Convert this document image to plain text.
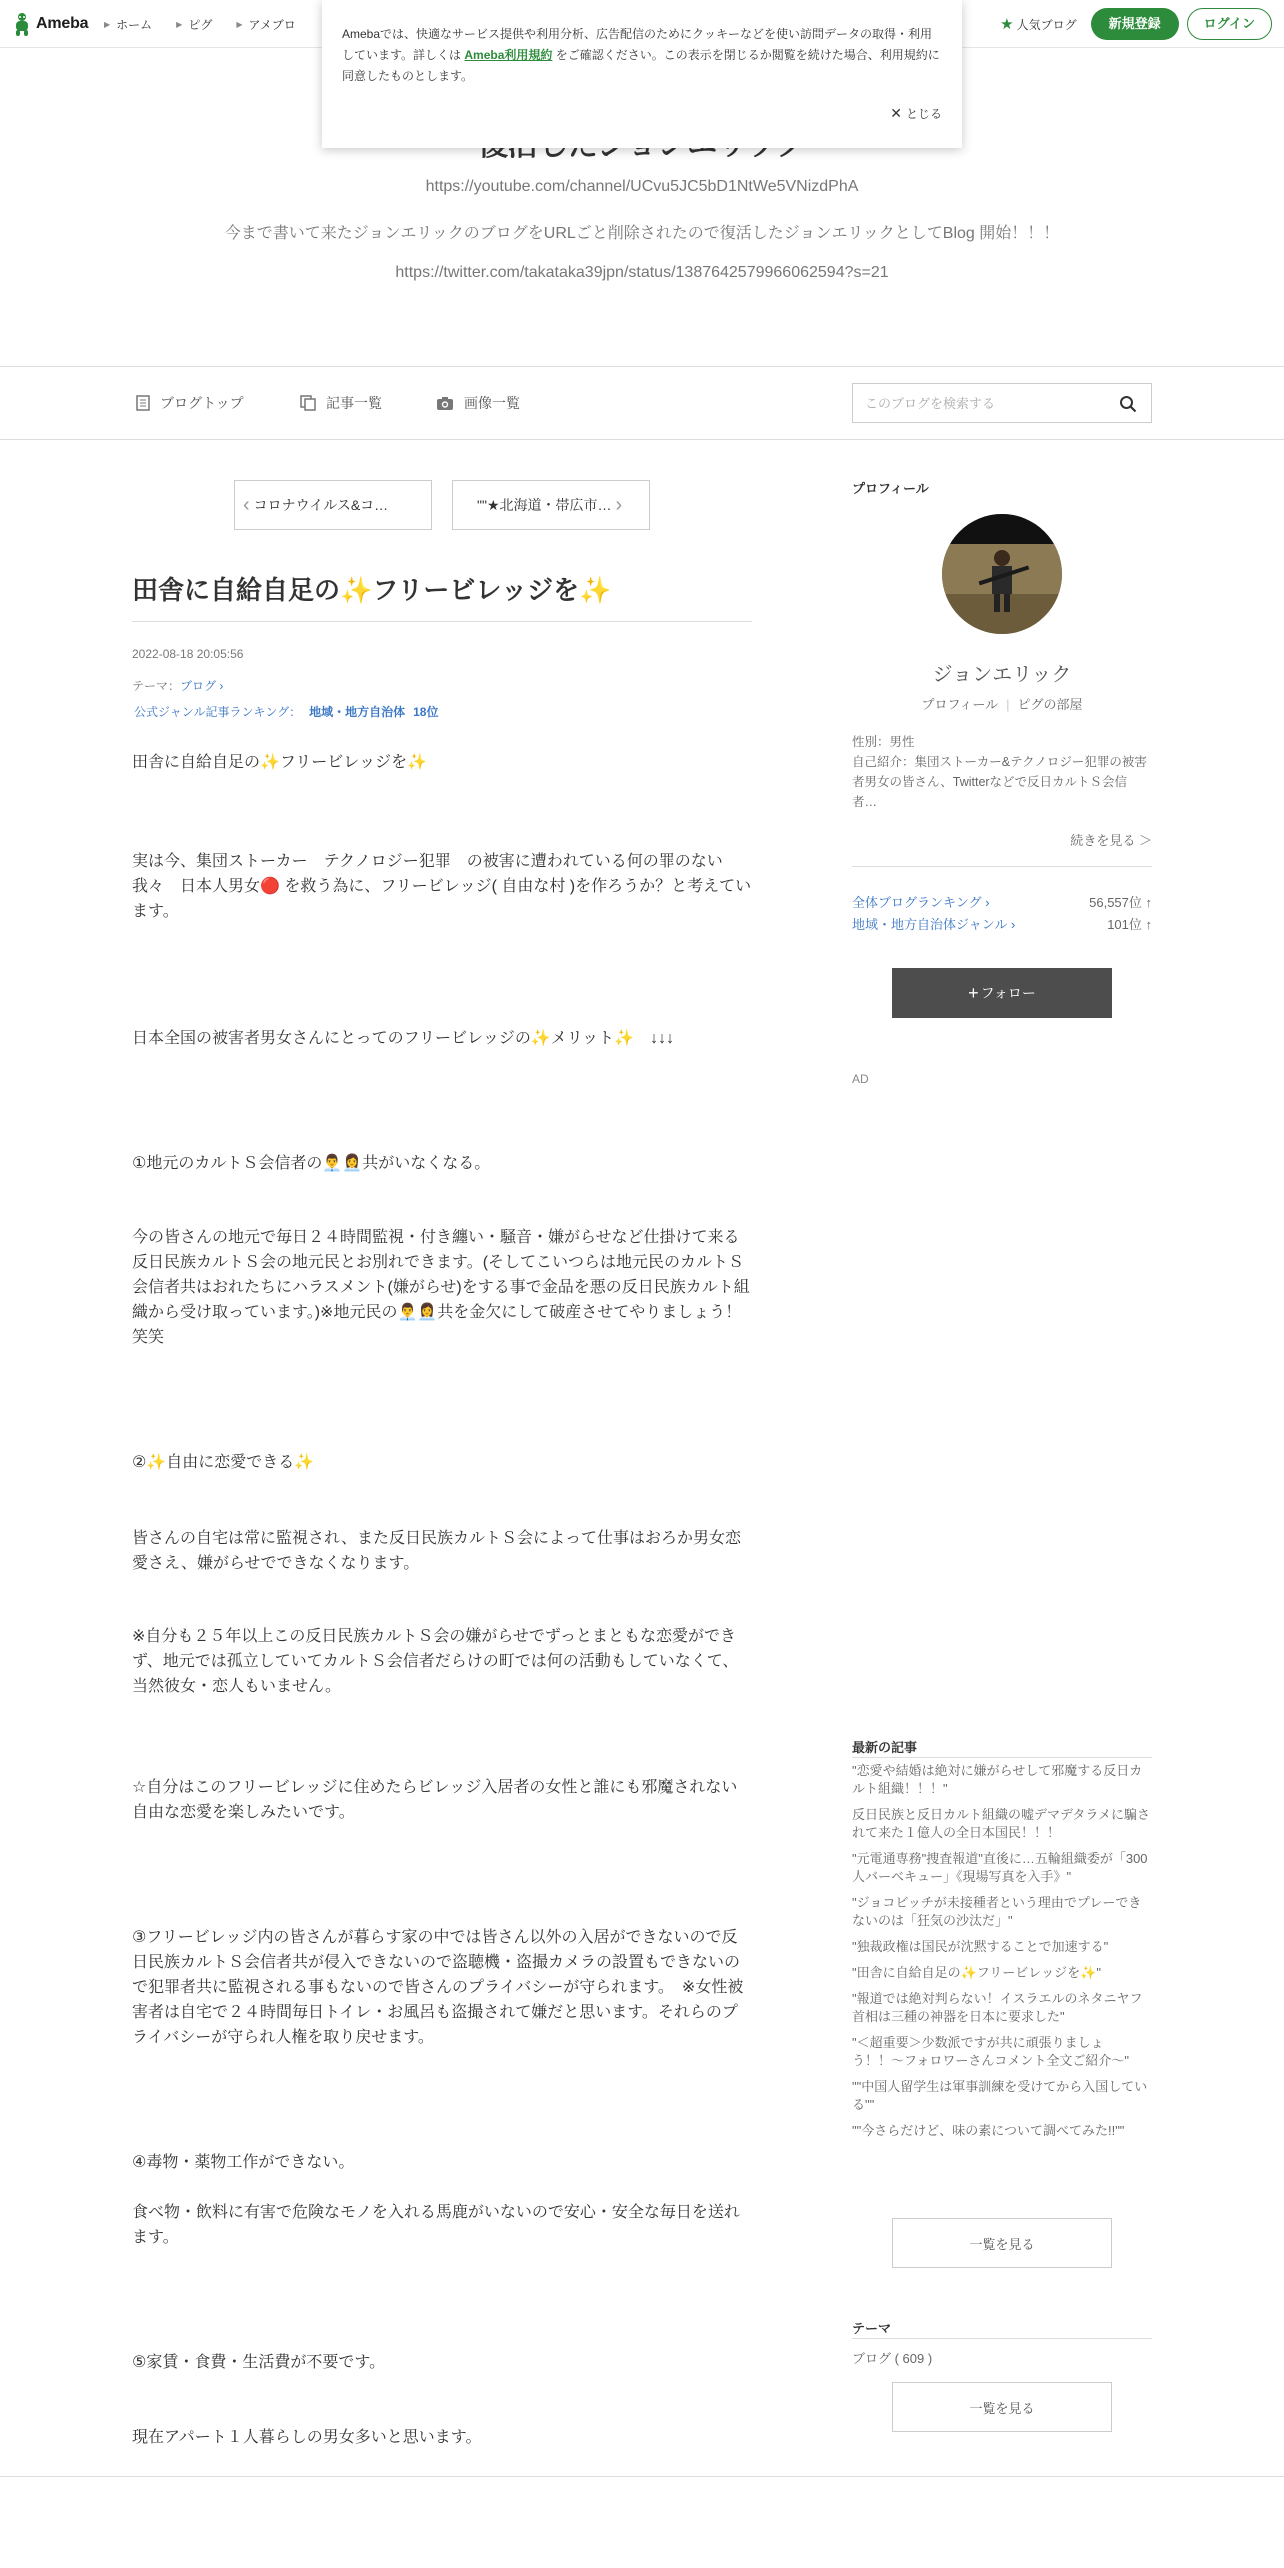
Ameba ▶ ホーム	▶ ピグ	▶ アメブロ	★ 人気ブログ	新規登録	ログイン

Amebaでは、快適なサービス提供や利用分析、広告配信のためにクッキーなどを使い訪問データの取得・利用しています。詳しくは Ameba利用規約 をご確認ください。この表示を閉じるか閲覧を続けた場合、利用規約に同意したものとします。

✕ とじる
https://youtube.com/channel/UCvu5JC5bD1NtWe5VNizdPhA
今まで書いて来たジョンエリックのブログをURLごと削除されたので復活したジョンエリックとしてBlog 開始！！！
https://twitter.com/takataka39jpn/status/1387642579966062594?s=21
ブログトップ	記事一覧	画像一覧
このブログを検索する
‹ コロナウイルス&コ…	""★北海道・帯広市… ›
田舎に自給自足の✨フリービレッジを✨
2022-08-18 20:05:56
テーマ：ブログ ›
公式ジャンル記事ランキング： 地域・地方自治体 18位

田舎に自給自足の✨フリービレッジを✨

実は今、集団ストーカー　テクノロジー犯罪　の被害に遭われている何の罪のない我々　日本人男女🔴 を救う為に、フリービレッジ( 自由な村 )を作ろうか？と考えています。

日本全国の被害者男女さんにとってのフリービレッジの✨メリット✨　↓↓↓

①地元のカルトＳ会信者の👨‍💼👩‍💼共がいなくなる。

今の皆さんの地元で毎日２４時間監視・付き纏い・騒音・嫌がらせなど仕掛けて来る反日民族カルトＳ会の地元民とお別れできます。(そしてこいつらは地元民のカルトＳ会信者共はおれたちにハラスメント(嫌がらせ)をする事で金品を悪の反日民族カルト組織から受け取っています。)※地元民の👨‍💼👩‍💼共を金欠にして破産させてやりましょう！笑笑

②✨自由に恋愛できる✨

皆さんの自宅は常に監視され、また反日民族カルトＳ会によって仕事はおろか男女恋愛さえ、嫌がらせでできなくなります。

※自分も２５年以上この反日民族カルトＳ会の嫌がらせでずっとまともな恋愛ができず、地元では孤立していてカルトＳ会信者だらけの町では何の活動もしていなくて、当然彼女・恋人もいません。

☆自分はこのフリービレッジに住めたらビレッジ入居者の女性と誰にも邪魔されない自由な恋愛を楽しみたいです。

③フリービレッジ内の皆さんが暮らす家の中では皆さん以外の入居ができないので反日民族カルトＳ会信者共が侵入できないので盗聴機・盗撮カメラの設置もできないので犯罪者共に監視される事もないので皆さんのプライバシーが守られます。　※女性被害者は自宅で２４時間毎日トイレ・お風呂も盗撮されて嫌だと思います。それらのプライバシーが守られ人権を取り戻せます。

④毒物・薬物工作ができない。

食べ物・飲料に有害で危険なモノを入れる馬鹿がいないので安心・安全な毎日を送れます。

⑤家賃・食費・生活費が不要です。

現在アパート１人暮らしの男女多いと思います。

プロフィール
ジョンエリック
プロフィール | ピグの部屋
性別：男性
自己紹介：集団ストーカー&テクノロジー犯罪の被害者男女の皆さん、Twitterなどで反日カルトＳ会信者…
続きを見る ＞
全体ブログランキング ›	56,557位 ↑
地域・地方自治体ジャンル ›	101位 ↑
+ フォロー
AD
最新の記事
"恋愛や結婚は絶対に嫌がらせして邪魔する反日カルト組織！！！"
反日民族と反日カルト組織の嘘デマデタラメに騙されて来た１億人の全日本国民！！！
"元電通専務"捜査報道"直後に…五輪組織委が「300人バーベキュー」《現場写真を入手》"
"ジョコビッチが未接種者という理由でプレーできないのは「狂気の沙汰だ」"
"独裁政権は国民が沈黙することで加速する"
"田舎に自給自足の✨フリービレッジを✨"
"報道では絶対判らない！イスラエルのネタニヤフ首相は三種の神器を日本に要求した"
"＜超重要＞少数派ですが共に頑張りましょう！！〜フォロワーさんコメント全文ご紹介〜"
""中国人留学生は軍事訓練を受けてから入国している""
""今さらだけど、味の素について調べてみた!!""
一覧を見る
テーマ
ブログ ( 609 )
一覧を見る
